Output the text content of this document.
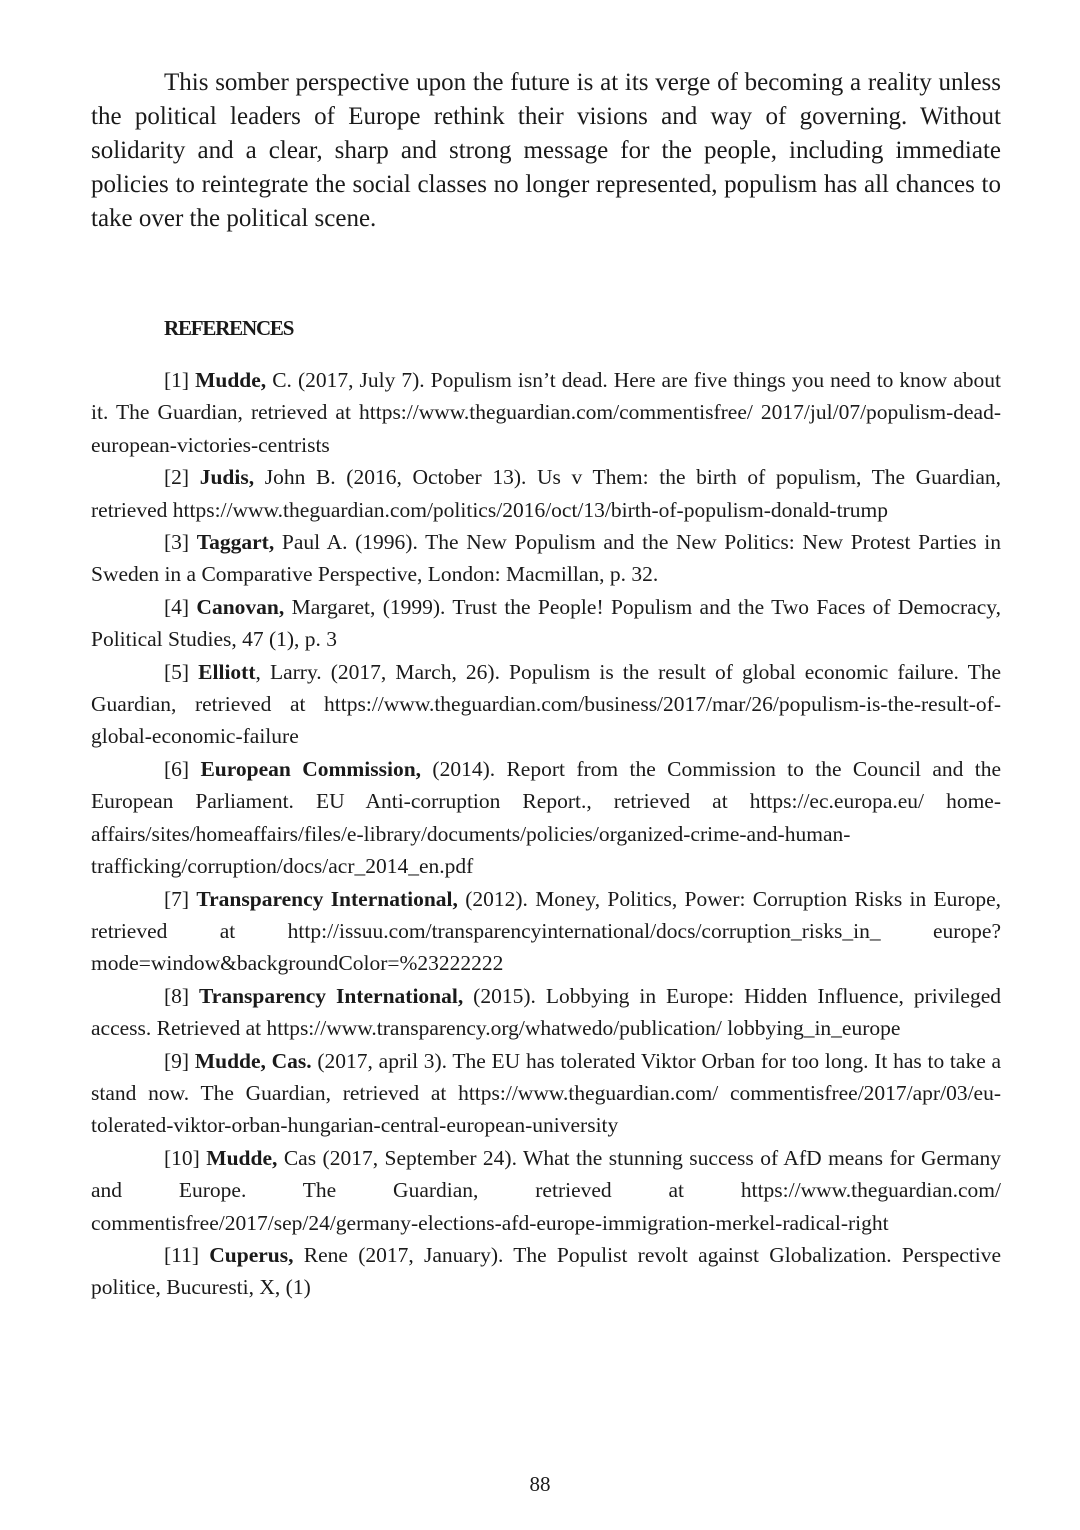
This somber perspective upon the future is at its verge of becoming a reality unless the political leaders of Europe rethink their visions and way of governing. Without solidarity and a clear, sharp and strong message for the people, including immediate policies to reintegrate the social classes no longer represented, populism has all chances to take over the political scene.

REFERENCES

[1] Mudde, C. (2017, July 7). Populism isn’t dead. Here are five things you need to know about it. The Guardian, retrieved at https://www.theguardian.com/commentisfree/ 2017/jul/07/populism-dead-european-victories-centrists

[2] Judis, John B. (2016, October 13). Us v Them: the birth of populism, The Guardian, retrieved https://www.theguardian.com/politics/2016/oct/13/birth-of-populism-donald-trump

[3] Taggart, Paul A. (1996). The New Populism and the New Politics: New Protest Parties in Sweden in a Comparative Perspective, London: Macmillan, p. 32.

[4] Canovan, Margaret, (1999). Trust the People! Populism and the Two Faces of Democracy, Political Studies, 47 (1), p. 3

[5] Elliott, Larry. (2017, March, 26). Populism is the result of global economic failure. The Guardian, retrieved at https://www.theguardian.com/business/2017/mar/26/populism-is-the-result-of-global-economic-failure

[6] European Commission, (2014). Report from the Commission to the Council and the European Parliament. EU Anti-corruption Report., retrieved at https://ec.europa.eu/ home-affairs/sites/homeaffairs/files/e-library/documents/policies/organized-crime-and-human-trafficking/corruption/docs/acr_2014_en.pdf

[7] Transparency International, (2012). Money, Politics, Power: Corruption Risks in Europe, retrieved at http://issuu.com/transparencyinternational/docs/corruption_risks_in_ europe?mode=window&backgroundColor=%23222222

[8] Transparency International, (2015). Lobbying in Europe: Hidden Influence, privileged access. Retrieved at https://www.transparency.org/whatwedo/publication/ lobbying_in_europe

[9] Mudde, Cas. (2017, april 3). The EU has tolerated Viktor Orban for too long. It has to take a stand now. The Guardian, retrieved at https://www.theguardian.com/ commentisfree/2017/apr/03/eu-tolerated-viktor-orban-hungarian-central-european-university

[10] Mudde, Cas (2017, September 24). What the stunning success of AfD means for Germany and Europe. The Guardian, retrieved at https://www.theguardian.com/ commentisfree/2017/sep/24/germany-elections-afd-europe-immigration-merkel-radical-right

[11] Cuperus, Rene (2017, January). The Populist revolt against Globalization. Perspective politice, Bucuresti, X, (1)

88
